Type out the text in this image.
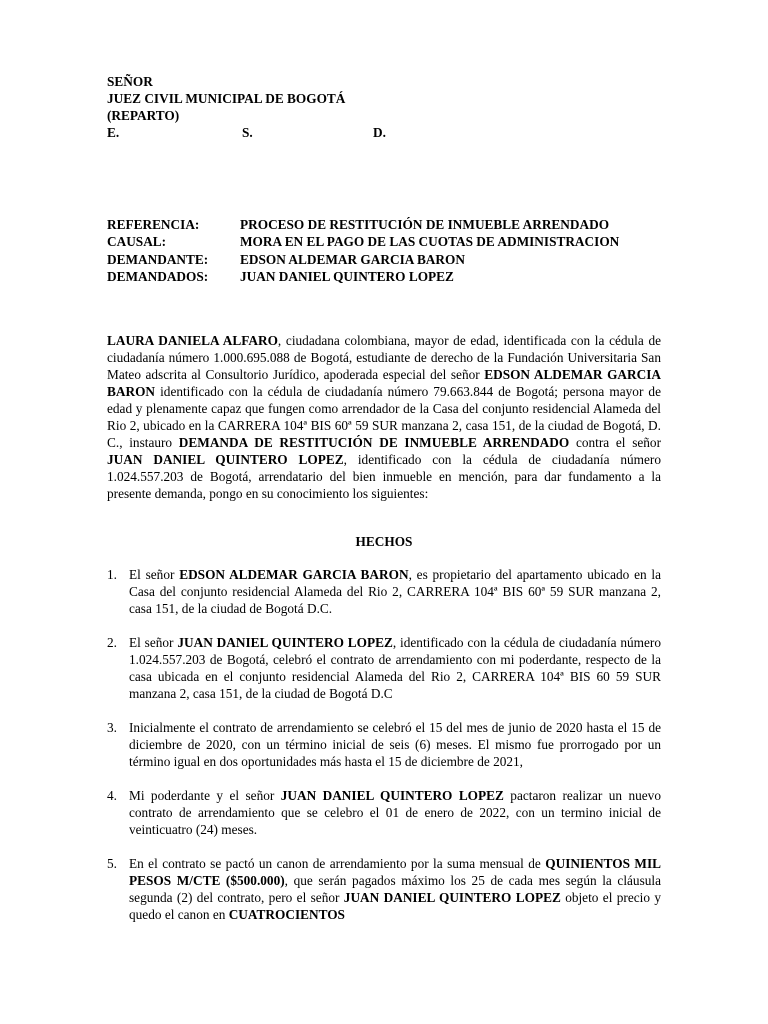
SEÑOR
JUEZ CIVIL MUNICIPAL DE BOGOTÁ
(REPARTO)
E.	S.	D.
REFERENCIA:	PROCESO DE RESTITUCIÓN DE INMUEBLE ARRENDADO
CAUSAL:	MORA EN EL PAGO DE LAS CUOTAS DE ADMINISTRACION
DEMANDANTE: EDSON ALDEMAR GARCIA BARON
DEMANDADOS: JUAN DANIEL QUINTERO LOPEZ
LAURA DANIELA ALFARO, ciudadana colombiana, mayor de edad, identificada con la cédula de ciudadanía número 1.000.695.088 de Bogotá, estudiante de derecho de la Fundación Universitaria San Mateo adscrita al Consultorio Jurídico, apoderada especial del señor EDSON ALDEMAR GARCIA BARON identificado con la cédula de ciudadanía número 79.663.844 de Bogotá; persona mayor de edad y plenamente capaz que fungen como arrendador de la Casa del conjunto residencial Alameda del Rio 2, ubicado en la CARRERA 104ª BIS 60ª 59 SUR manzana 2, casa 151, de la ciudad de Bogotá, D. C., instauro DEMANDA DE RESTITUCIÓN DE INMUEBLE ARRENDADO contra el señor JUAN DANIEL QUINTERO LOPEZ, identificado con la cédula de ciudadanía número 1.024.557.203 de Bogotá, arrendatario del bien inmueble en mención, para dar fundamento a la presente demanda, pongo en su conocimiento los siguientes:
HECHOS
1. El señor EDSON ALDEMAR GARCIA BARON, es propietario del apartamento ubicado en la Casa del conjunto residencial Alameda del Rio 2, CARRERA 104ª BIS 60ª 59 SUR manzana 2, casa 151, de la ciudad de Bogotá D.C.
2. El señor JUAN DANIEL QUINTERO LOPEZ, identificado con la cédula de ciudadanía número 1.024.557.203 de Bogotá, celebró el contrato de arrendamiento con mi poderdante, respecto de la casa ubicada en el conjunto residencial Alameda del Rio 2, CARRERA 104ª BIS 60 59 SUR manzana 2, casa 151, de la ciudad de Bogotá D.C
3. Inicialmente el contrato de arrendamiento se celebró el 15 del mes de junio de 2020 hasta el 15 de diciembre de 2020, con un término inicial de seis (6) meses. El mismo fue prorrogado por un término igual en dos oportunidades más hasta el 15 de diciembre de 2021,
4. Mi poderdante y el señor JUAN DANIEL QUINTERO LOPEZ pactaron realizar un nuevo contrato de arrendamiento que se celebro el 01 de enero de 2022, con un termino inicial de veinticuatro (24) meses.
5. En el contrato se pactó un canon de arrendamiento por la suma mensual de QUINIENTOS MIL PESOS M/CTE ($500.000), que serán pagados máximo los 25 de cada mes según la cláusula segunda (2) del contrato, pero el señor JUAN DANIEL QUINTERO LOPEZ objeto el precio y quedo el canon en CUATROCIENTOS
